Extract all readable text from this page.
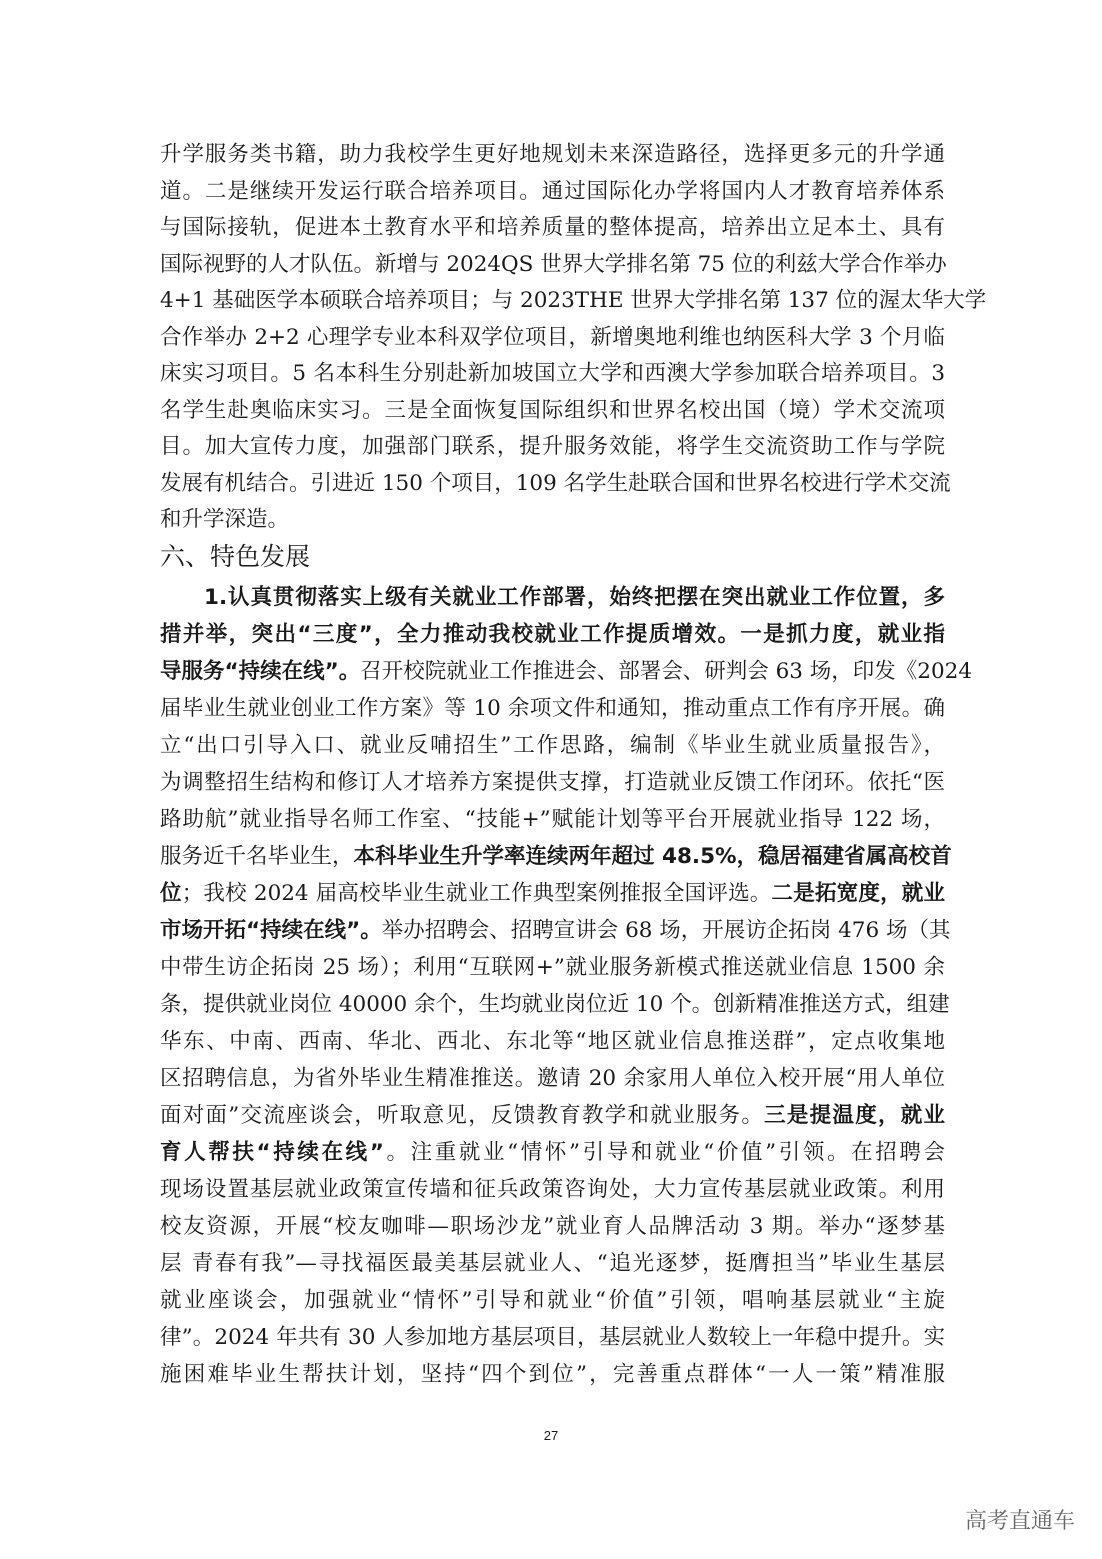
升学服务类书籍，助力我校学生更好地规划未来深造路径，选择更多元的升学通
道。二是继续开发运行联合培养项目。通过国际化办学将国内人才教育培养体系
与国际接轨，促进本土教育水平和培养质量的整体提高，培养出立足本土、具有
国际视野的人才队伍。新增与 2024QS 世界大学排名第 75 位的利兹大学合作举办
4+1 基础医学本硕联合培养项目；与 2023THE 世界大学排名第 137 位的渥太华大学
合作举办 2+2 心理学专业本科双学位项目，新增奥地利维也纳医科大学 3 个月临
床实习项目。5 名本科生分别赴新加坡国立大学和西澳大学参加联合培养项目。3
名学生赴奥临床实习。三是全面恢复国际组织和世界名校出国（境）学术交流项
目。加大宣传力度，加强部门联系，提升服务效能，将学生交流资助工作与学院
发展有机结合。引进近 150 个项目，109 名学生赴联合国和世界名校进行学术交流
和升学深造。
六、特色发展
1.认真贯彻落实上级有关就业工作部署，始终把摆在突出就业工作位置，多
措并举，突出“三度”，全力推动我校就业工作提质增效。一是抓力度，就业指
导服务“持续在线”。召开校院就业工作推进会、部署会、研判会 63 场，印发《2024
届毕业生就业创业工作方案》等 10 余项文件和通知，推动重点工作有序开展。确
立“出口引导入口、就业反哺招生”工作思路，编制《毕业生就业质量报告》，
为调整招生结构和修订人才培养方案提供支撑，打造就业反馈工作闭环。依托“医
路助航”就业指导名师工作室、“技能+”赋能计划等平台开展就业指导 122 场，
服务近千名毕业生，本科毕业生升学率连续两年超过 48.5%，稳居福建省属高校首
位；我校 2024 届高校毕业生就业工作典型案例推报全国评选。二是拓宽度，就业
市场开拓“持续在线”。举办招聘会、招聘宣讲会 68 场，开展访企拓岗 476 场（其
中带生访企拓岗 25 场）；利用“互联网+”就业服务新模式推送就业信息 1500 余
条，提供就业岗位 40000 余个，生均就业岗位近 10 个。创新精准推送方式，组建
华东、中南、西南、华北、西北、东北等“地区就业信息推送群”，定点收集地
区招聘信息，为省外毕业生精准推送。邀请 20 余家用人单位入校开展“用人单位
面对面”交流座谈会，听取意见，反馈教育教学和就业服务。三是提温度，就业
育人帮扶“持续在线”。注重就业“情怀”引导和就业“价值”引领。在招聘会
现场设置基层就业政策宣传墙和征兵政策咨询处，大力宣传基层就业政策。利用
校友资源，开展“校友咖啡—职场沙龙”就业育人品牌活动 3 期。举办“逐梦基
层 青春有我”—寻找福医最美基层就业人、“追光逐梦，挺膺担当”毕业生基层
就业座谈会，加强就业“情怀”引导和就业“价值”引领，唱响基层就业“主旋
律”。2024 年共有 30 人参加地方基层项目，基层就业人数较上一年稳中提升。实
施困难毕业生帮扶计划，坚持“四个到位”，完善重点群体“一人一策”精准服
27
高考直通车
